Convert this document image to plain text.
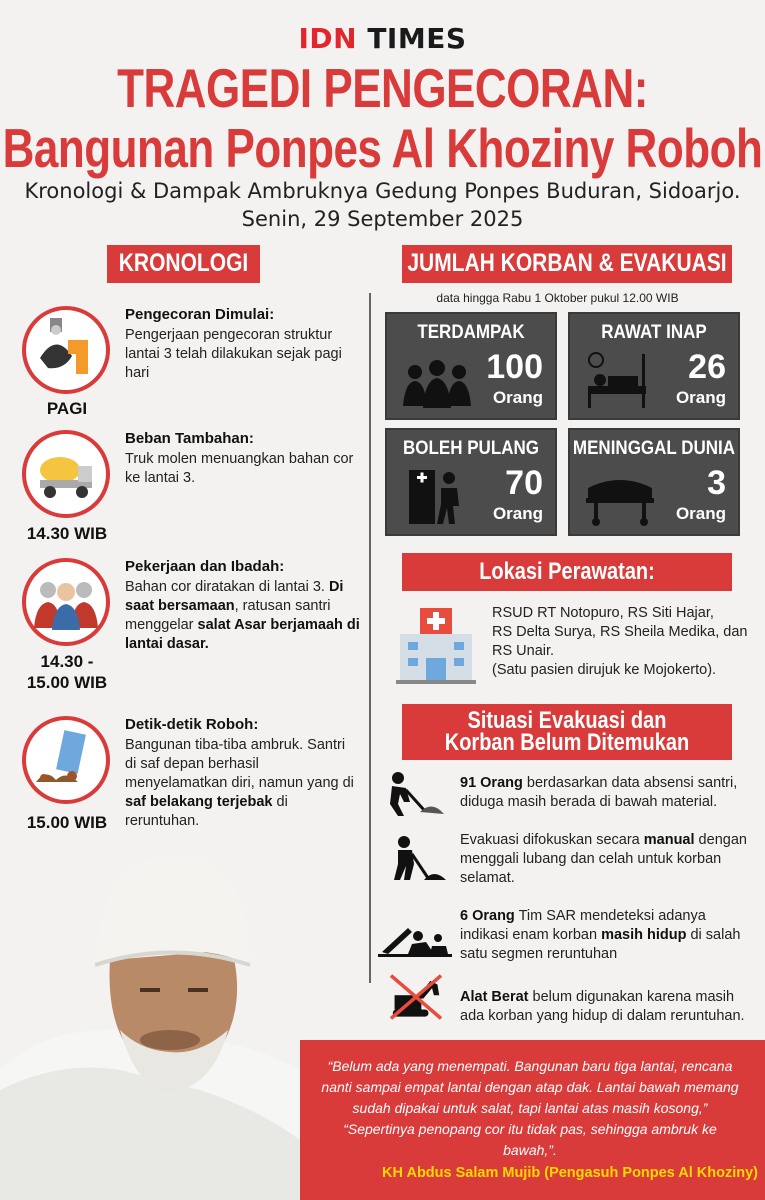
IDN TIMES
TRAGEDI PENGECORAN:
Bangunan Ponpes Al Khoziny Roboh
Kronologi & Dampak Ambruknya Gedung Ponpes Buduran, Sidoarjo.
Senin, 29 September 2025
KRONOLOGI	JUMLAH KORBAN & EVAKUASI
data hingga Rabu 1 Oktober pukul 12.00 WIB
PAGI
Pengecoran Dimulai:
Pengerjaan pengecoran struktur lantai 3 telah dilakukan sejak pagi hari
14.30 WIB
Beban Tambahan:
Truk molen menuangkan bahan cor ke lantai 3.
14.30 -
15.00 WIB
Pekerjaan dan Ibadah:
Bahan cor diratakan di lantai 3. Di saat bersamaan, ratusan santri menggelar salat Asar berjamaah di lantai dasar.
15.00 WIB
Detik-detik Roboh:
Bangunan tiba-tiba ambruk. Santri di saf depan berhasil menyelamatkan diri, namun yang di saf belakang terjebak di reruntuhan.
TERDAMPAK
100
Orang
RAWAT INAP
26
Orang
BOLEH PULANG
70
Orang
MENINGGAL DUNIA
3
Orang
Lokasi Perawatan:
RSUD RT Notopuro, RS Siti Hajar,
RS Delta Surya, RS Sheila Medika, dan
RS Unair.
(Satu pasien dirujuk ke Mojokerto).
Situasi Evakuasi dan
Korban Belum Ditemukan
91 Orang berdasarkan data absensi santri, diduga masih berada di bawah material.
Evakuasi difokuskan secara manual dengan menggali lubang dan celah untuk korban selamat.
6 Orang Tim SAR mendeteksi adanya indikasi enam korban masih hidup di salah satu segmen reruntuhan
Alat Berat belum digunakan karena masih ada korban yang hidup di dalam reruntuhan.
“Belum ada yang menempati. Bangunan baru tiga lantai, rencana nanti sampai empat lantai dengan atap dak. Lantai bawah memang sudah dipakai untuk salat, tapi lantai atas masih kosong,” “Sepertinya penopang cor itu tidak pas, sehingga ambruk ke bawah,”.
KH Abdus Salam Mujib (Pengasuh Ponpes Al Khoziny)
